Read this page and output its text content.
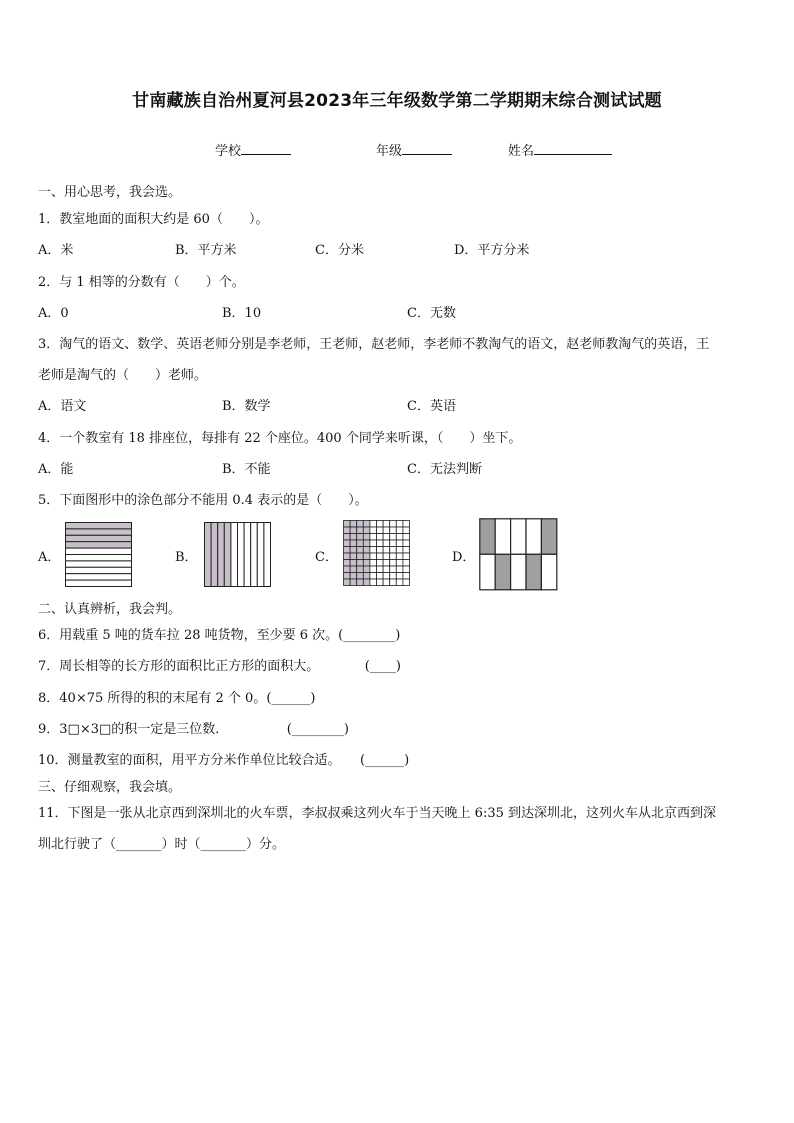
甘南藏族自治州夏河县2023年三年级数学第二学期期末综合测试试题
学校	年级	姓名
一、用心思考，我会选。
1．教室地面的面积大约是 60（　　）。
A．米	B．平方米	C．分米	D．平方分米
2．与 1 相等的分数有（　　）个。
A．0	B．10	C．无数
3．淘气的语文、数学、英语老师分别是李老师，王老师，赵老师，李老师不教淘气的语文，赵老师教淘气的英语，王
老师是淘气的（　　）老师。
A．语文	B．数学	C．英语
4．一个教室有 18 排座位，每排有 22 个座位。400 个同学来听课，（　　）坐下。
A．能	B．不能	C．无法判断
5．下面图形中的涂色部分不能用 0.4 表示的是（　　）。
A．	B．	C．	D．
二、认真辨析，我会判。
6．用载重 5 吨的货车拉 28 吨货物，至少要 6 次。(________)
7．周长相等的长方形的面积比正方形的面积大。　　　　(____)
8．40×75 所得的积的末尾有 2 个 0。(______)
9．3□×3□的积一定是三位数．　　　　　(________)
10．测量教室的面积，用平方分米作单位比较合适。　　(______)
三、仔细观察，我会填。
11．下图是一张从北京西到深圳北的火车票，李叔叔乘这列火车于当天晚上 6:35 到达深圳北，这列火车从北京西到深
圳北行驶了（_______）时（_______）分。
